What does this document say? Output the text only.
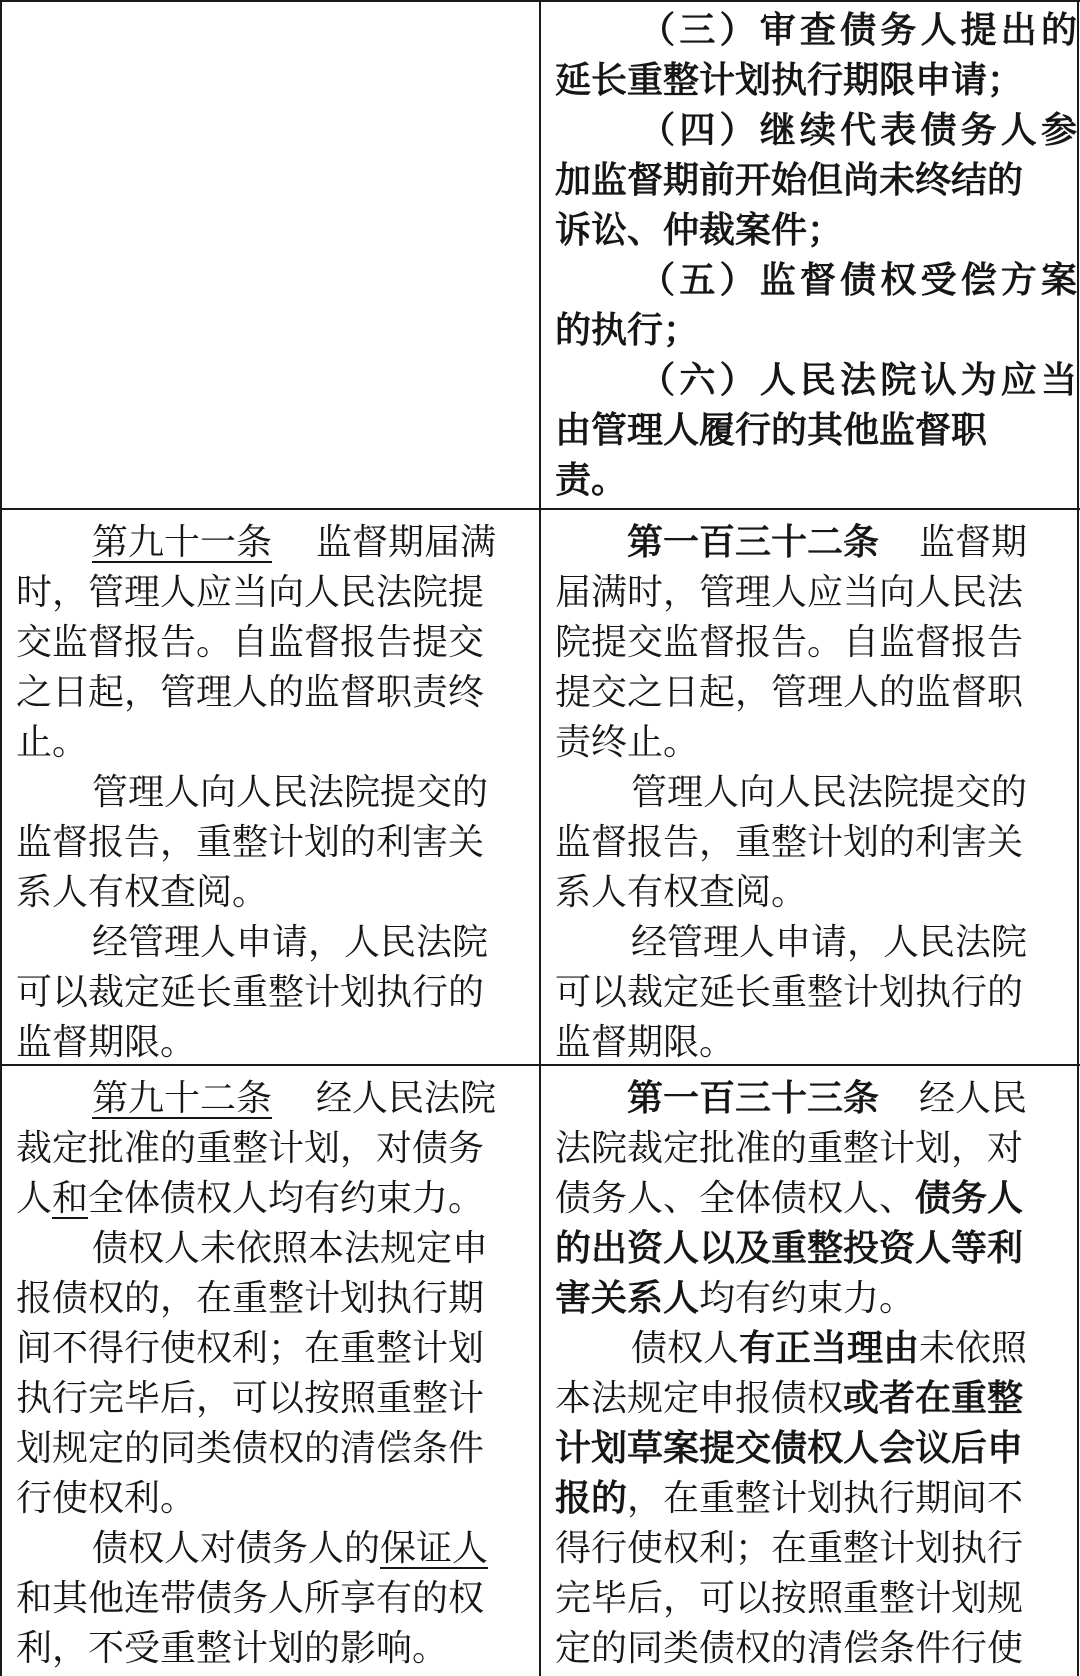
（三）审查债务人提出的
延长重整计划执行期限申请；
（四）继续代表债务人参
加监督期前开始但尚未终结的
诉讼、仲裁案件；
（五）监督债权受偿方案
的执行；
（六）人民法院认为应当
由管理人履行的其他监督职
责。
第九十一条 监督期届满
时，管理人应当向人民法院提
交监督报告。自监督报告提交
之日起，管理人的监督职责终
止。
管理人向人民法院提交的
监督报告，重整计划的利害关
系人有权查阅。
经管理人申请，人民法院
可以裁定延长重整计划执行的
监督期限。
第一百三十二条 监督期
届满时，管理人应当向人民法
院提交监督报告。自监督报告
提交之日起，管理人的监督职
责终止。
管理人向人民法院提交的
监督报告，重整计划的利害关
系人有权查阅。
经管理人申请，人民法院
可以裁定延长重整计划执行的
监督期限。
第九十二条 经人民法院
裁定批准的重整计划，对债务
人和全体债权人均有约束力。
债权人未依照本法规定申
报债权的，在重整计划执行期
间不得行使权利；在重整计划
执行完毕后，可以按照重整计
划规定的同类债权的清偿条件
行使权利。
债权人对债务人的保证人
和其他连带债务人所享有的权
利，不受重整计划的影响。
第一百三十三条 经人民
法院裁定批准的重整计划，对
债务人、全体债权人、债务人
的出资人以及重整投资人等利
害关系人均有约束力。
债权人有正当理由未依照
本法规定申报债权或者在重整
计划草案提交债权人会议后申
报的，在重整计划执行期间不
得行使权利；在重整计划执行
完毕后，可以按照重整计划规
定的同类债权的清偿条件行使
